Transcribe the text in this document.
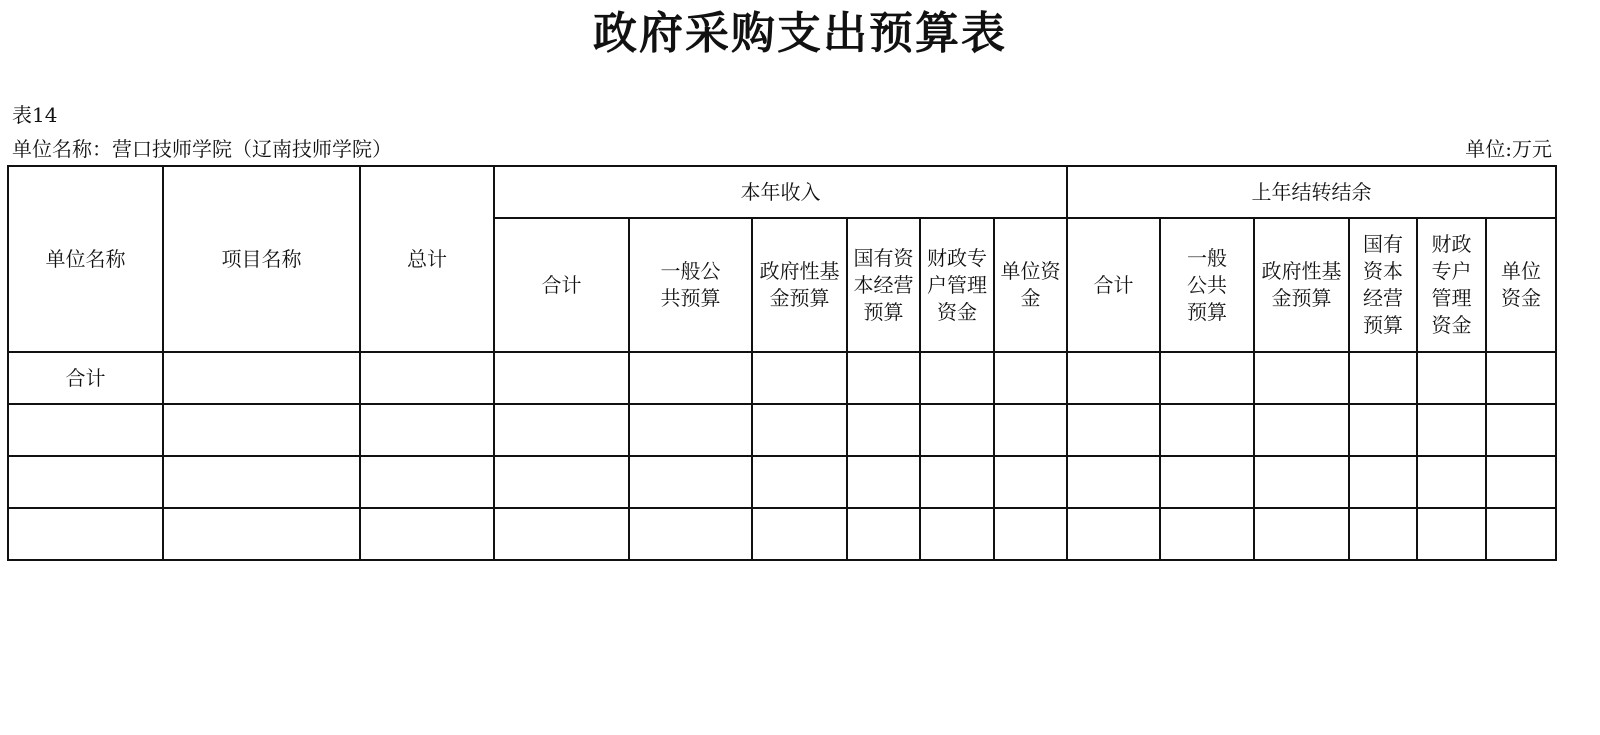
政府采购支出预算表
表14
单位名称：营口技师学院（辽南技师学院）	单位:万元
单位名称	项目名称	总计	本年收入						上年结转结余					
			合计	一般公共预算	政府性基金预算	国有资本经营预算	财政专户管理资金	单位资金	合计	一般公共预算	政府性基金预算	国有资本经营预算	财政专户管理资金	单位资金
合计														
